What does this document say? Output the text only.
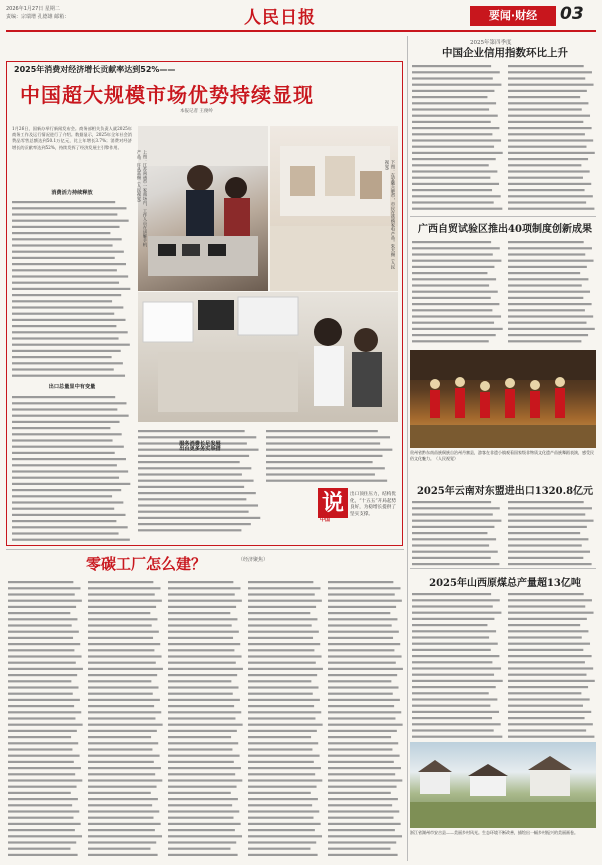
2026年1月27日 星期二
责编：宗瑞增 孔德雄 邮箱：	人民日报	要闻·财经	03
2025年消费对经济增长贡献率达到52%——
中国超大规模市场优势持续显现
本报记者 王俊岭
1月26日，国新办举行新闻发布会。商务部相关负责人就2025年商务工作及运行情况进行了介绍。数据显示，2025年全年社会消费品零售总额达到50.1万亿元，比上年增长3.7%；消费对经济增长的贡献率达到52%，持续发挥了经济发展主引擎作用。
消费活力持续释放
出口总量显中有变量
上图：江苏南通市一家商场内，工作人员在讲解手机产品。许从富摄（人民视觉）	下图：在安徽合肥市，市民在选购家电产品。朱天摄（人民视觉）
服务消费长足发展
出台更多务实举措
说
中国
出口顶住压力，结构优化，“十五五”开局起势良好，为稳增长提供了坚实支撑。
零碳工厂怎么建？	（经济聚焦）
2025年第四季度
中国企业信用指数环比上升
广西自贸试验区推出40项制度创新成果
贵州省黔东南苗族侗族自治州丹寨县，游客在非遗小镇观看国家级非物质文化遗产苗族舞蹈表演，感受民俗文化魅力。（人民视觉）
2025年云南对东盟进出口1320.8亿元
2025年山西原煤总产量超13亿吨
浙江省湖州市安吉县——美丽乡村风光。生态环境不断改善，描绘出一幅乡村振兴的美丽画卷。
